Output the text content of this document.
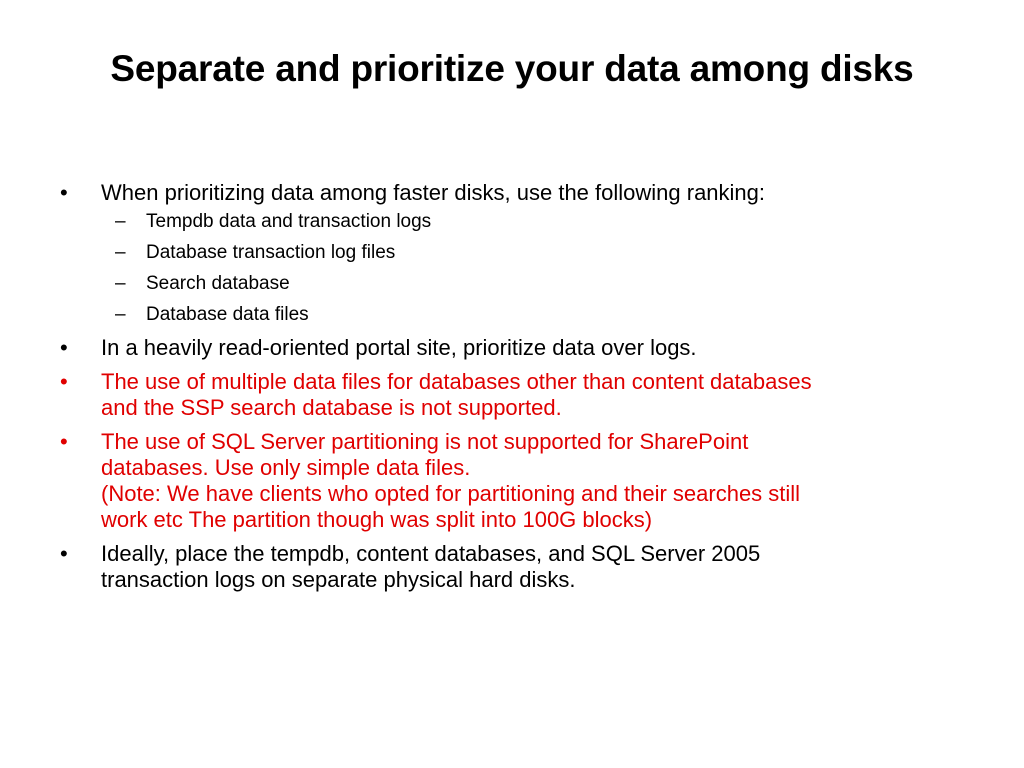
Separate and prioritize your data among disks
•	When prioritizing data among faster disks, use the following ranking:
–	Tempdb data and transaction logs
–	Database transaction log files
–	Search database
–	Database data files
•	In a heavily read-oriented portal site, prioritize data over logs.
•	The use of multiple data files for databases other than content databases
and the SSP search database is not supported.
•	The use of SQL Server partitioning is not supported for SharePoint
databases. Use only simple data files.
(Note: We have clients who opted for partitioning and their searches still
work etc The partition though was split into 100G blocks)
•	Ideally, place the tempdb, content databases, and SQL Server 2005
transaction logs on separate physical hard disks.
